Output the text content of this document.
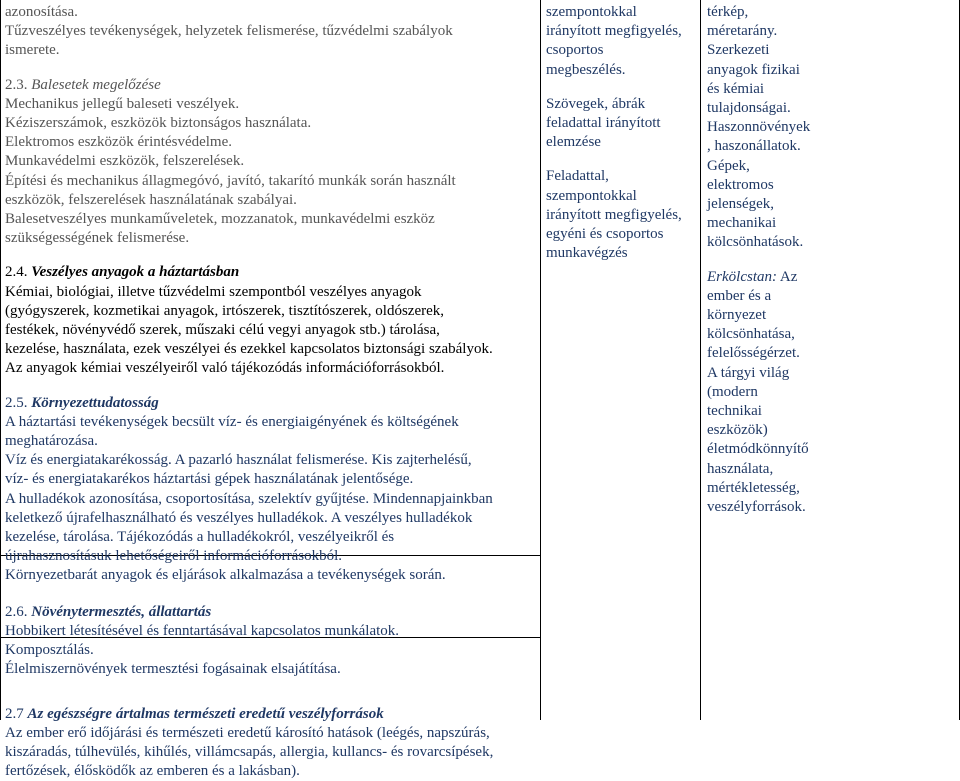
azonosítása.
Tűzveszélyes tevékenységek, helyzetek felismerése, tűzvédelmi szabályok
ismerete.
2.3. Balesetek megelőzése
Mechanikus jellegű baleseti veszélyek.
Kéziszerszámok, eszközök biztonságos használata.
Elektromos eszközök érintésvédelme.
Munkavédelmi eszközök, felszerelések.
Építési és mechanikus állagmegóvó, javító, takarító munkák során használt
eszközök, felszerelések használatának szabályai.
Balesetveszélyes munkaműveletek, mozzanatok, munkavédelmi eszköz
szükségességének felismerése.
2.4. Veszélyes anyagok a háztartásban
Kémiai, biológiai, illetve tűzvédelmi szempontból veszélyes anyagok
(gyógyszerek, kozmetikai anyagok, irtószerek, tisztítószerek, oldószerek,
festékek, növényvédő szerek, műszaki célú vegyi anyagok stb.) tárolása,
kezelése, használata, ezek veszélyei és ezekkel kapcsolatos biztonsági szabályok.
Az anyagok kémiai veszélyeiről való tájékozódás információforrásokból.
2.5. Környezettudatosság
A háztartási tevékenységek becsült víz- és energiaigényének és költségének
meghatározása.
Víz és energiatakarékosság. A pazarló használat felismerése. Kis zajterhelésű,
víz- és energiatakarékos háztartási gépek használatának jelentősége.
A hulladékok azonosítása, csoportosítása, szelektív gyűjtése. Mindennapjainkban
keletkező újrafelhasználható és veszélyes hulladékok. A veszélyes hulladékok
kezelése, tárolása. Tájékozódás a hulladékokról, veszélyeikről és
újrahasznosításuk lehetőségeiről információforrásokból.
Környezetbarát anyagok és eljárások alkalmazása a tevékenységek során.
2.6. Növénytermesztés, állattartás
Hobbikert létesítésével és fenntartásával kapcsolatos munkálatok.
Komposztálás.
Élelmiszernövények termesztési fogásainak elsajátítása.
2.7 Az egészségre ártalmas természeti eredetű veszélyforrások
Az ember erő időjárási és természeti eredetű károsító hatások (leégés, napszúrás,
kiszáradás, túlhevülés, kihűlés, villámcsapás, allergia, kullancs- és rovarcsípések,
fertőzések, élősködők az emberen és a lakásban).
szempontokkal
irányított megfigyelés,
csoportos
megbeszélés.
Szövegek, ábrák
feladattal irányított
elemzése
Feladattal,
szempontokkal
irányított megfigyelés,
egyéni és csoportos
munkavégzés
térkép,
méretarány.
Szerkezeti
anyagok fizikai
és kémiai
tulajdonságai.
Haszonnövények
, haszonállatok.
Gépek,
elektromos
jelenségek,
mechanikai
kölcsönhatások.
Erkölcstan: Az
ember és a
környezet
kölcsönhatása,
felelősségérzet.
A tárgyi világ
(modern
technikai
eszközök)
életmódkönnyítő
használata,
mértékletesség,
veszélyforrások.
